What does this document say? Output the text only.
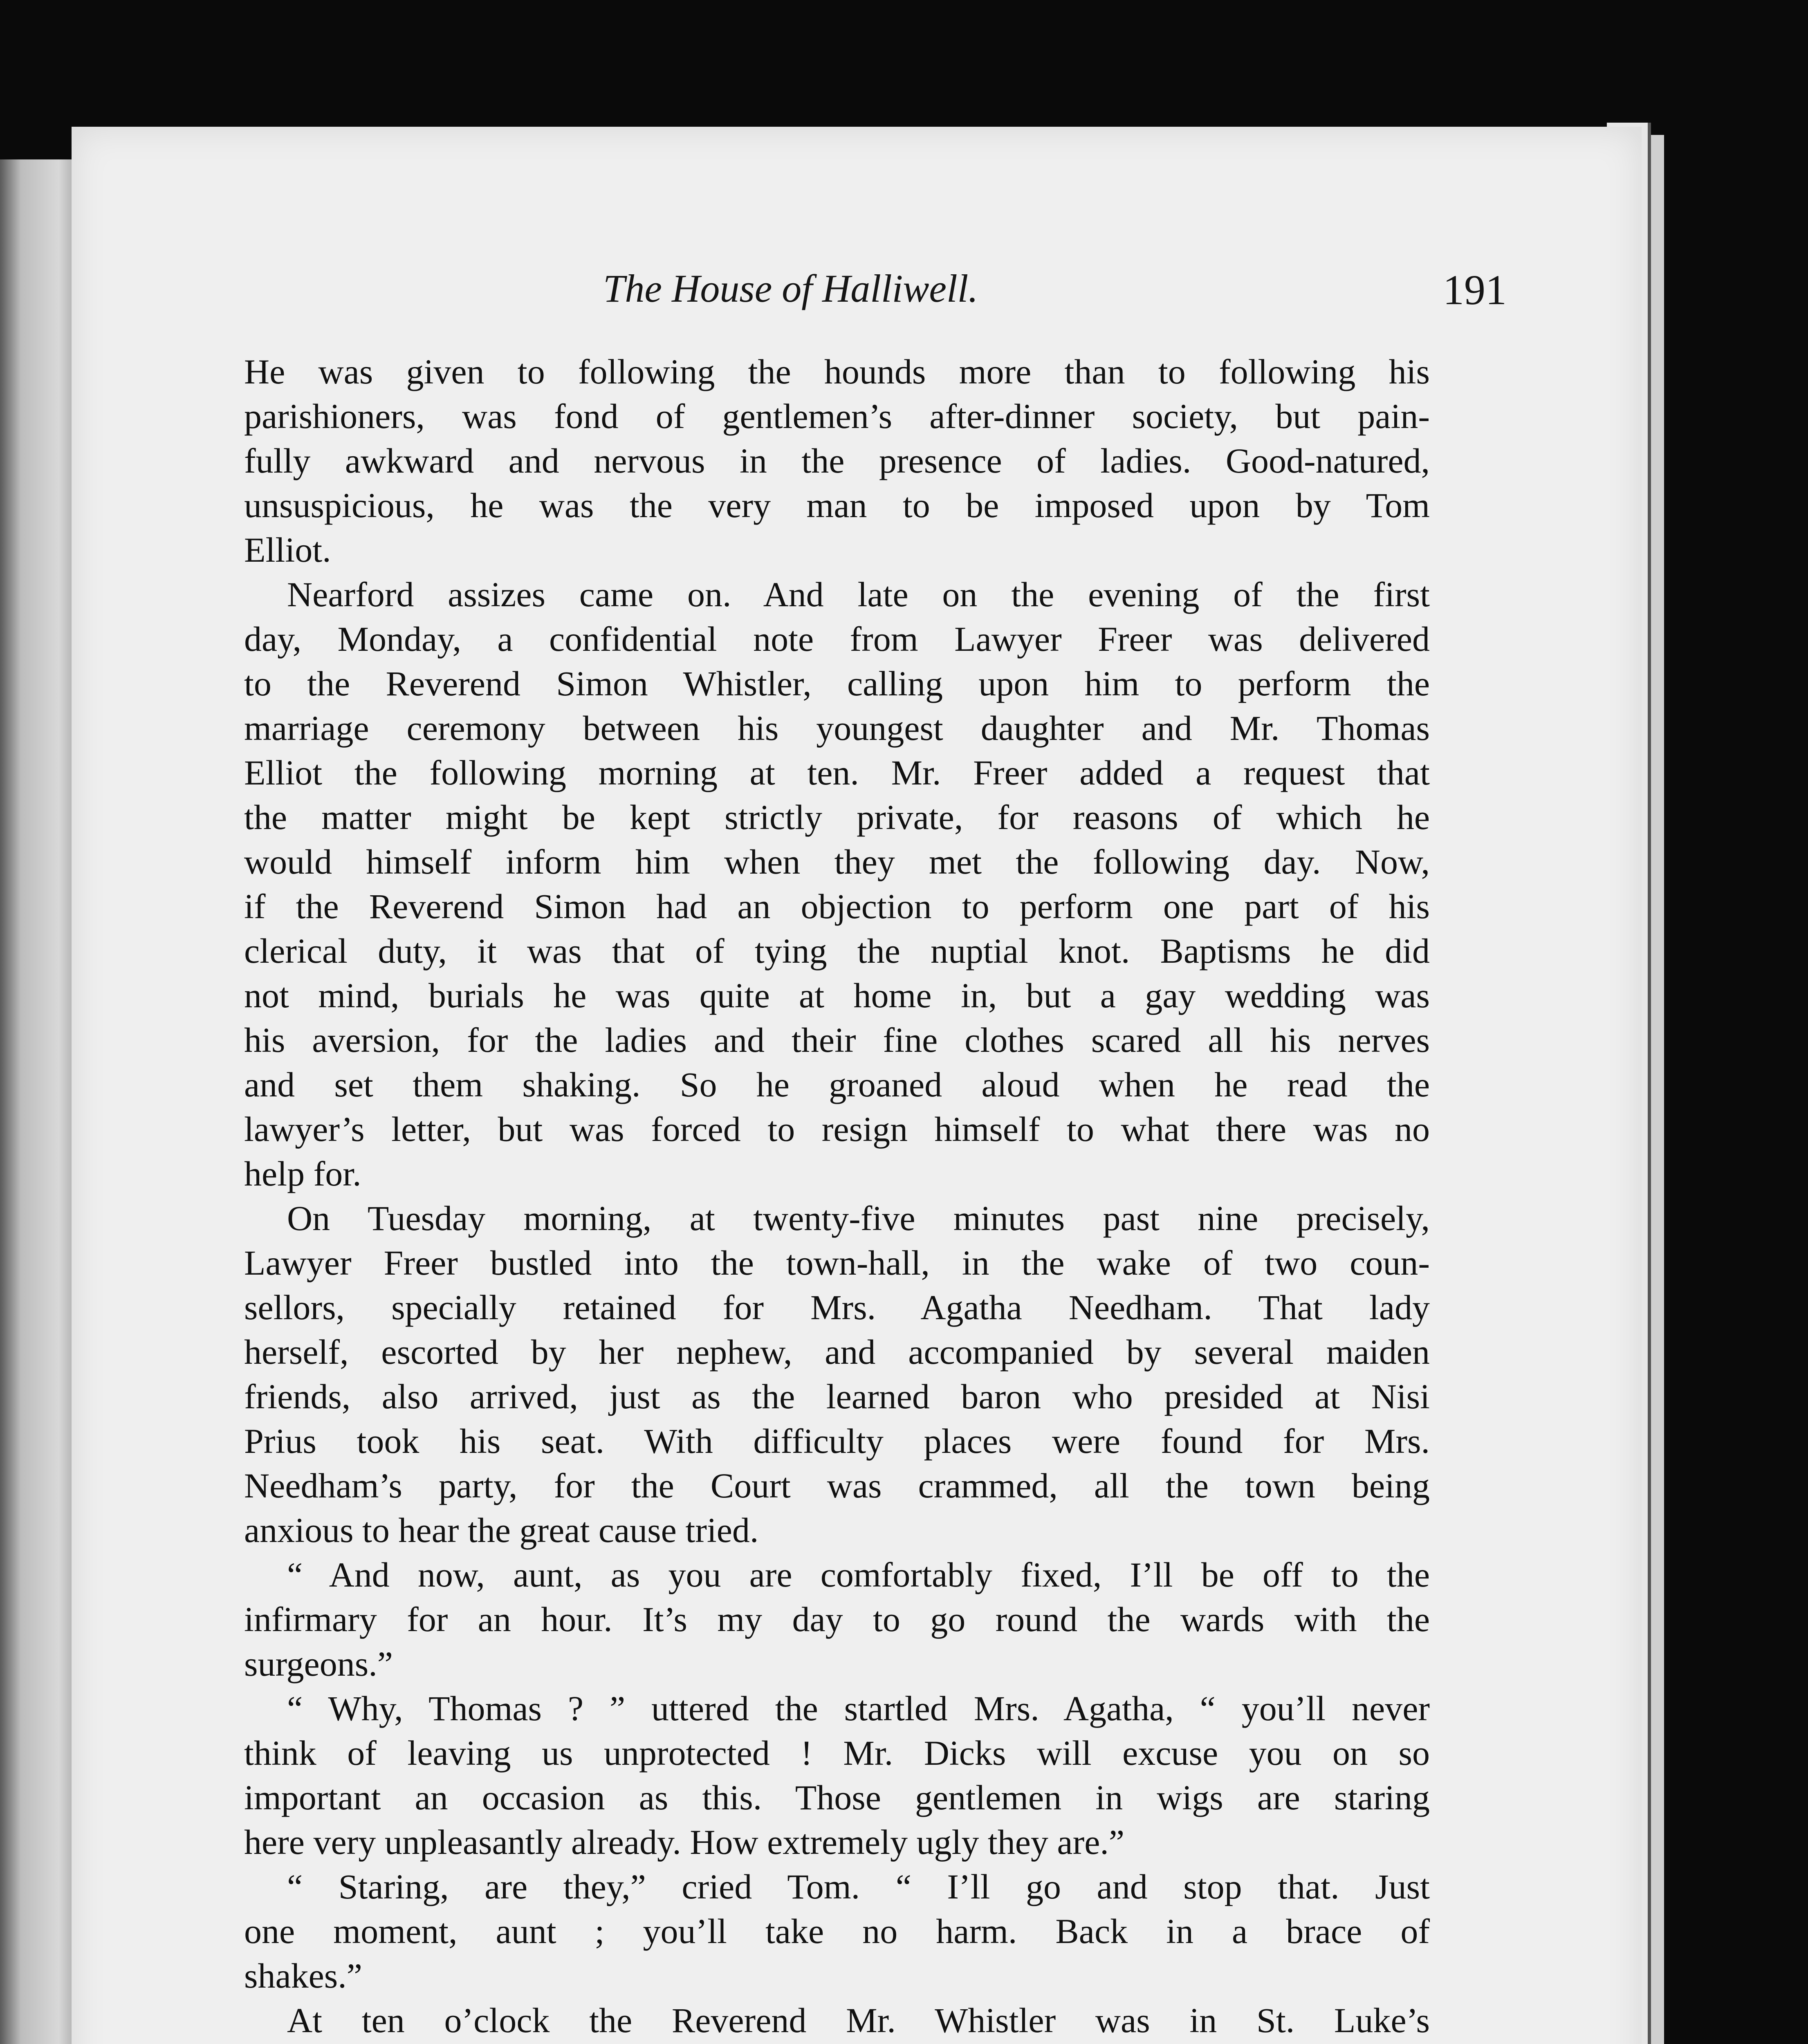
The House of Halliwell.	191
He was given to following the hounds more than to following his
parishioners, was fond of gentlemen’s after-dinner society, but pain-
fully awkward and nervous in the presence of ladies. Good-natured,
unsuspicious, he was the very man to be imposed upon by Tom
Elliot.
Nearford assizes came on. And late on the evening of the first
day, Monday, a confidential note from Lawyer Freer was delivered
to the Reverend Simon Whistler, calling upon him to perform the
marriage ceremony between his youngest daughter and Mr. Thomas
Elliot the following morning at ten. Mr. Freer added a request that
the matter might be kept strictly private, for reasons of which he
would himself inform him when they met the following day. Now,
if the Reverend Simon had an objection to perform one part of his
clerical duty, it was that of tying the nuptial knot. Baptisms he did
not mind, burials he was quite at home in, but a gay wedding was
his aversion, for the ladies and their fine clothes scared all his nerves
and set them shaking. So he groaned aloud when he read the
lawyer’s letter, but was forced to resign himself to what there was no
help for.
On Tuesday morning, at twenty-five minutes past nine precisely,
Lawyer Freer bustled into the town-hall, in the wake of two coun-
sellors, specially retained for Mrs. Agatha Needham. That lady
herself, escorted by her nephew, and accompanied by several maiden
friends, also arrived, just as the learned baron who presided at Nisi
Prius took his seat. With difficulty places were found for Mrs.
Needham’s party, for the Court was crammed, all the town being
anxious to hear the great cause tried.
“ And now, aunt, as you are comfortably fixed, I’ll be off to the
infirmary for an hour. It’s my day to go round the wards with the
surgeons.”
“ Why, Thomas ? ” uttered the startled Mrs. Agatha, “ you’ll never
think of leaving us unprotected ! Mr. Dicks will excuse you on so
important an occasion as this. Those gentlemen in wigs are staring
here very unpleasantly already. How extremely ugly they are.”
“ Staring, are they,” cried Tom. “ I’ll go and stop that. Just
one moment, aunt ; you’ll take no harm. Back in a brace of
shakes.”
At ten o’clock the Reverend Mr. Whistler was in St. Luke’s
